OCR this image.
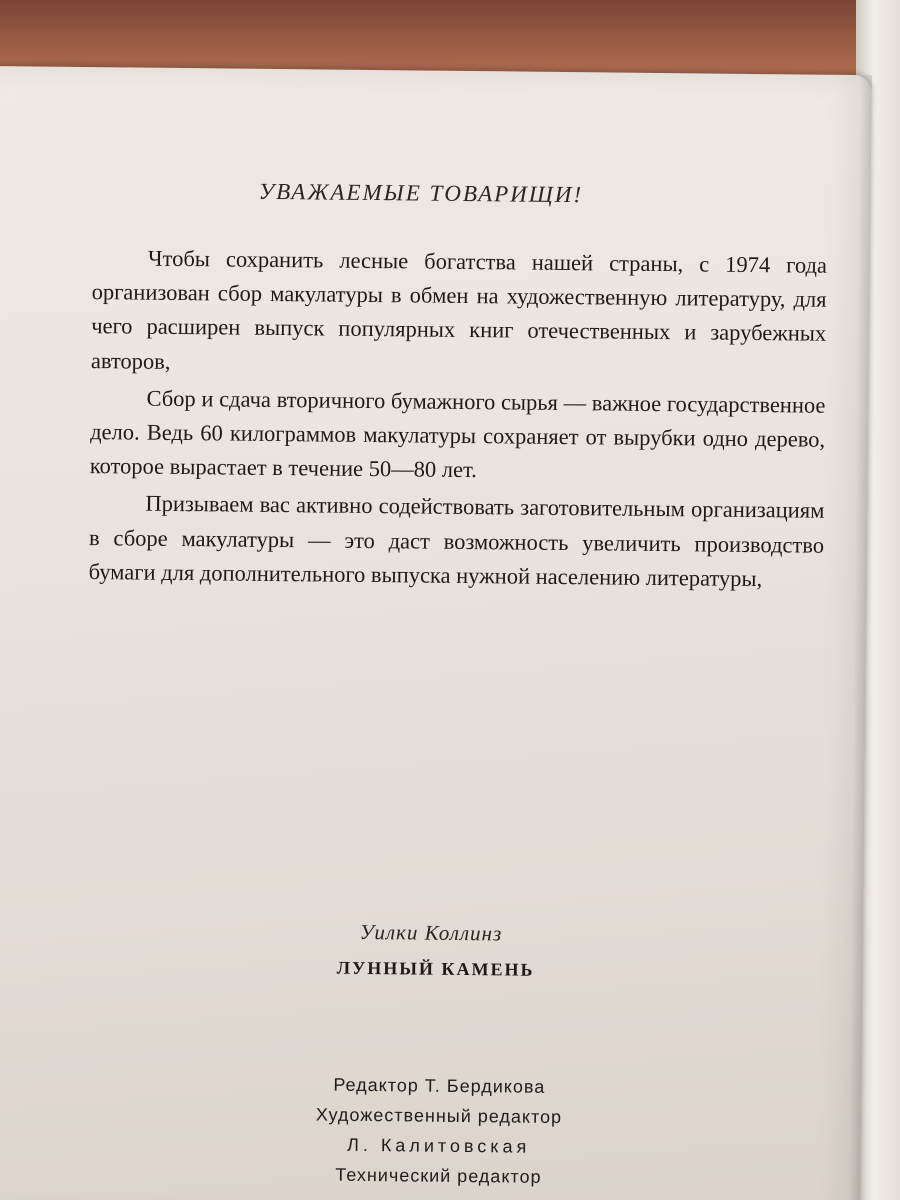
УВАЖАЕМЫЕ ТОВАРИЩИ!

Чтобы сохранить лесные богатства нашей страны, с 1974 года организован сбор макулатуры в обмен на художественную литературу, для чего расширен выпуск популярных книг отечественных и зарубежных авторов,

Сбор и сдача вторичного бумажного сырья — важное государственное дело. Ведь 60 килограммов макулатуры сохраняет от вырубки одно дерево, которое вырастает в течение 50—80 лет.

Призываем вас активно содействовать заготовительным организациям в сборе макулатуры — это даст возможность увеличить производство бумаги для дополнительного выпуска нужной населению литературы,

Уилки Коллинз
ЛУННЫЙ КАМЕНЬ
Редактор Т. Бердикова
Художественный редактор
Л. Калитовская
Технический редактор
